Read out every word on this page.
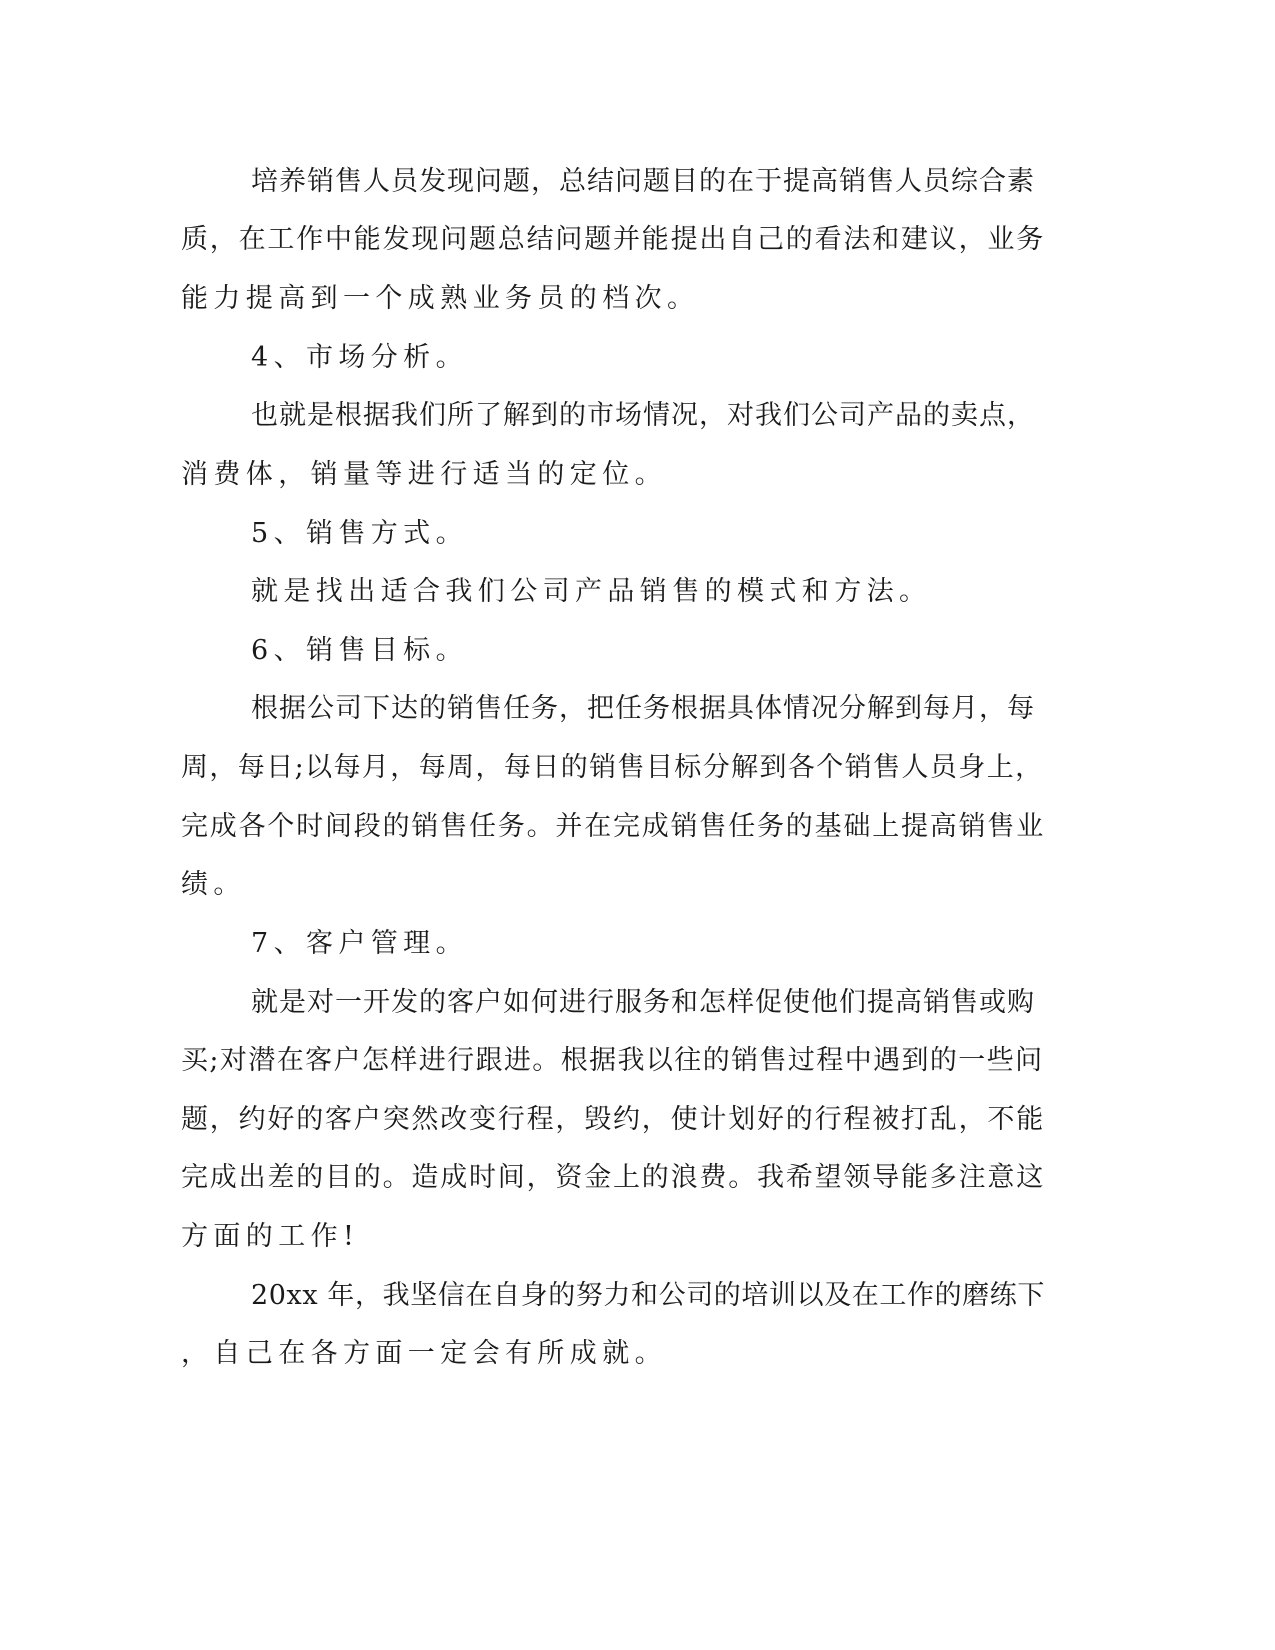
培养销售人员发现问题，总结问题目的在于提高销售人员综合素

质，在工作中能发现问题总结问题并能提出自己的看法和建议，业务

能力提高到一个成熟业务员的档次。

4、市场分析。

也就是根据我们所了解到的市场情况，对我们公司产品的卖点，

消费体，销量等进行适当的定位。

5、销售方式。

就是找出适合我们公司产品销售的模式和方法。

6、销售目标。

根据公司下达的销售任务，把任务根据具体情况分解到每月，每

周，每日;以每月，每周，每日的销售目标分解到各个销售人员身上，

完成各个时间段的销售任务。并在完成销售任务的基础上提高销售业

绩。

7、客户管理。

就是对一开发的客户如何进行服务和怎样促使他们提高销售或购

买;对潜在客户怎样进行跟进。根据我以往的销售过程中遇到的一些问

题，约好的客户突然改变行程，毁约，使计划好的行程被打乱，不能

完成出差的目的。造成时间，资金上的浪费。我希望领导能多注意这

方面的工作!

20xx 年，我坚信在自身的努力和公司的培训以及在工作的磨练下

，自己在各方面一定会有所成就。
